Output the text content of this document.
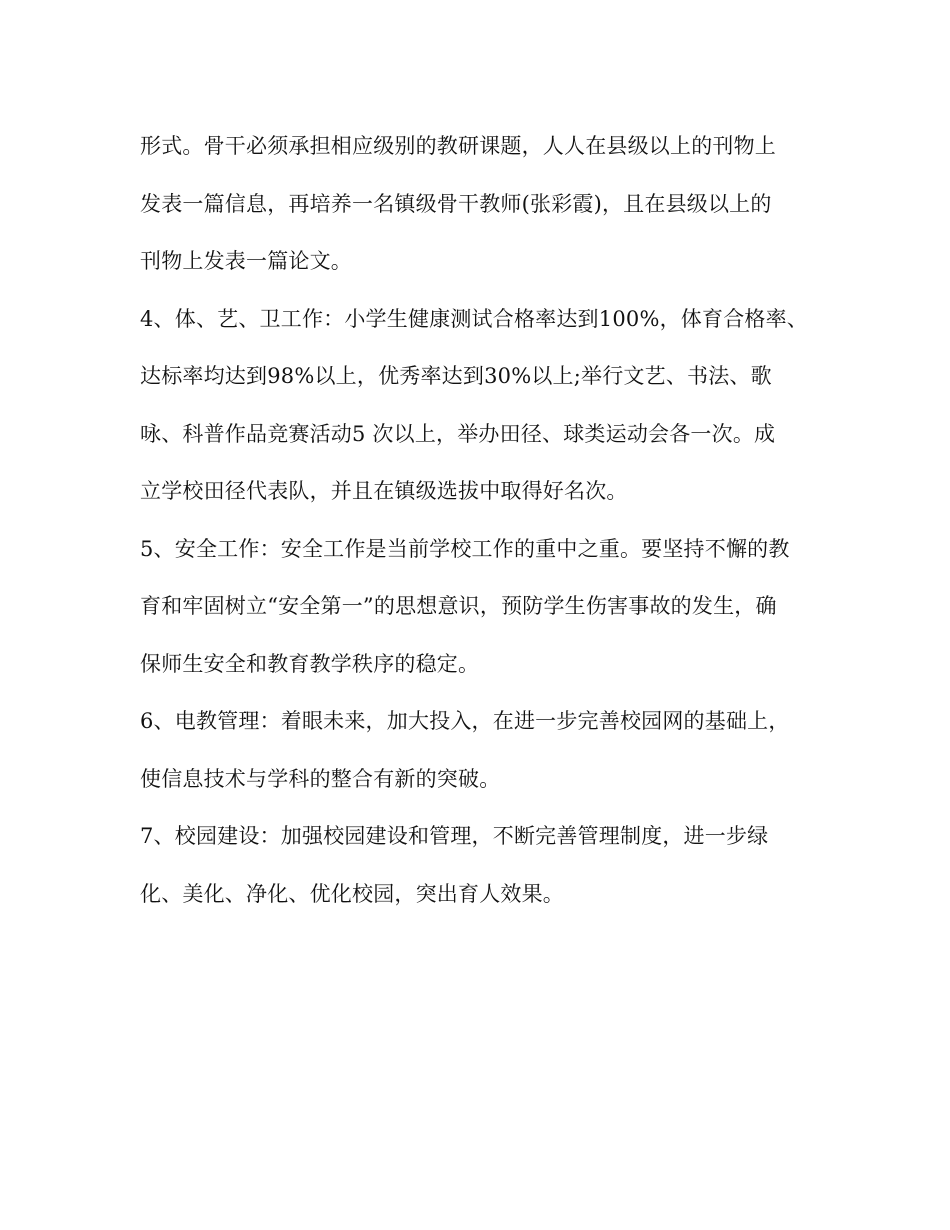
形式。骨干必须承担相应级别的教研课题，人人在县级以上的刊物上
发表一篇信息，再培养一名镇级骨干教师(张彩霞)，且在县级以上的
刊物上发表一篇论文。
4、体、艺、卫工作：小学生健康测试合格率达到100%，体育合格率、
达标率均达到98%以上，优秀率达到30%以上;举行文艺、书法、歌
咏、科普作品竞赛活动5 次以上，举办田径、球类运动会各一次。成
立学校田径代表队，并且在镇级选拔中取得好名次。
5、安全工作：安全工作是当前学校工作的重中之重。要坚持不懈的教
育和牢固树立“安全第一”的思想意识，预防学生伤害事故的发生，确
保师生安全和教育教学秩序的稳定。
6、电教管理：着眼未来，加大投入，在进一步完善校园网的基础上，
使信息技术与学科的整合有新的突破。
7、校园建设：加强校园建设和管理，不断完善管理制度，进一步绿
化、美化、净化、优化校园，突出育人效果。
